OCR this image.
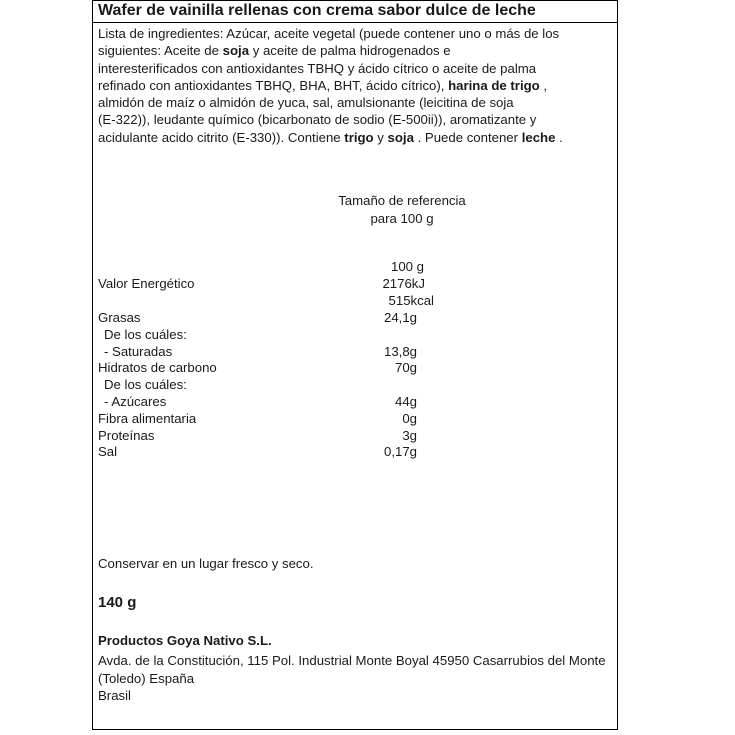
Wafer de vainilla rellenas con crema sabor dulce de leche
Lista de ingredientes: Azúcar, aceite vegetal (puede contener uno o más de los
siguientes: Aceite de soja y aceite de palma hidrogenados e
interesterificados con antioxidantes TBHQ y ácido cítrico o aceite de palma
refinado con antioxidantes TBHQ, BHA, BHT, ácido cítrico), harina de trigo ,
almidón de maíz o almidón de yuca, sal, amulsionante (leicitina de soja
(E-322)), leudante químico (bicarbonato de sodio (E-500ii)), aromatizante y
acidulante acido citrito (E-330)). Contiene trigo y soja . Puede contener leche .
Tamaño de referencia
para 100 g
100 g
Valor Energético	2176kJ
515kcal
Grasas	24,1g
De los cuáles:
- Saturadas	13,8g
Hidratos de carbono	70g
De los cuáles:
- Azúcares	44g
Fibra alimentaria	0g
Proteínas	3g
Sal	0,17g
Conservar en un lugar fresco y seco.
140 g
Productos Goya Nativo S.L.
Avda. de la Constitución, 115 Pol. Industrial Monte Boyal 45950 Casarrubios del Monte (Toledo) España
Brasil
